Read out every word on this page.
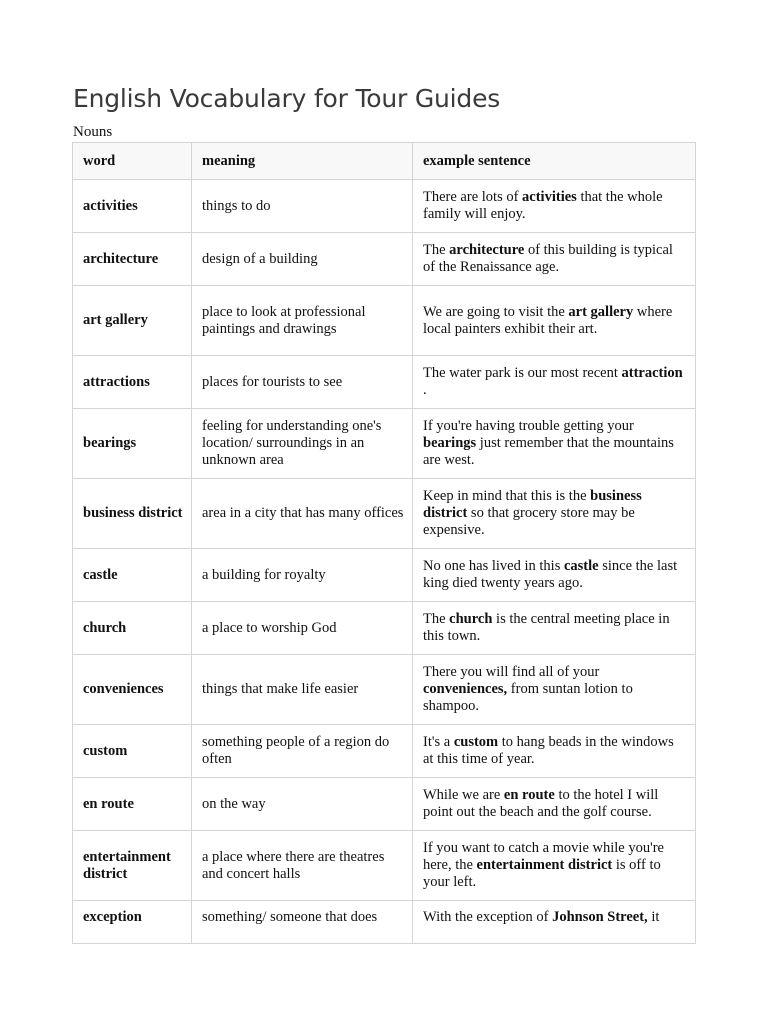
English Vocabulary for Tour Guides
Nouns
word	meaning	example sentence
activities	things to do	There are lots of activities that the whole family will enjoy.
architecture	design of a building	The architecture of this building is typical of the Renaissance age.
art gallery	place to look at professional paintings and drawings	We are going to visit the art gallery where local painters exhibit their art.
attractions	places for tourists to see	The water park is our most recent attraction .
bearings	feeling for understanding one's location/ surroundings in an unknown area	If you're having trouble getting your bearings just remember that the mountains are west.
business district	area in a city that has many offices	Keep in mind that this is the business district so that grocery store may be expensive.
castle	a building for royalty	No one has lived in this castle since the last king died twenty years ago.
church	a place to worship God	The church is the central meeting place in this town.
conveniences	things that make life easier	There you will find all of your conveniences, from suntan lotion to shampoo.
custom	something people of a region do often	It's a custom to hang beads in the windows at this time of year.
en route	on the way	While we are en route to the hotel I will point out the beach and the golf course.
entertainment district	a place where there are theatres and concert halls	If you want to catch a movie while you're here, the entertainment district is off to your left.
exception	something/ someone that does	With the exception of Johnson Street, it
